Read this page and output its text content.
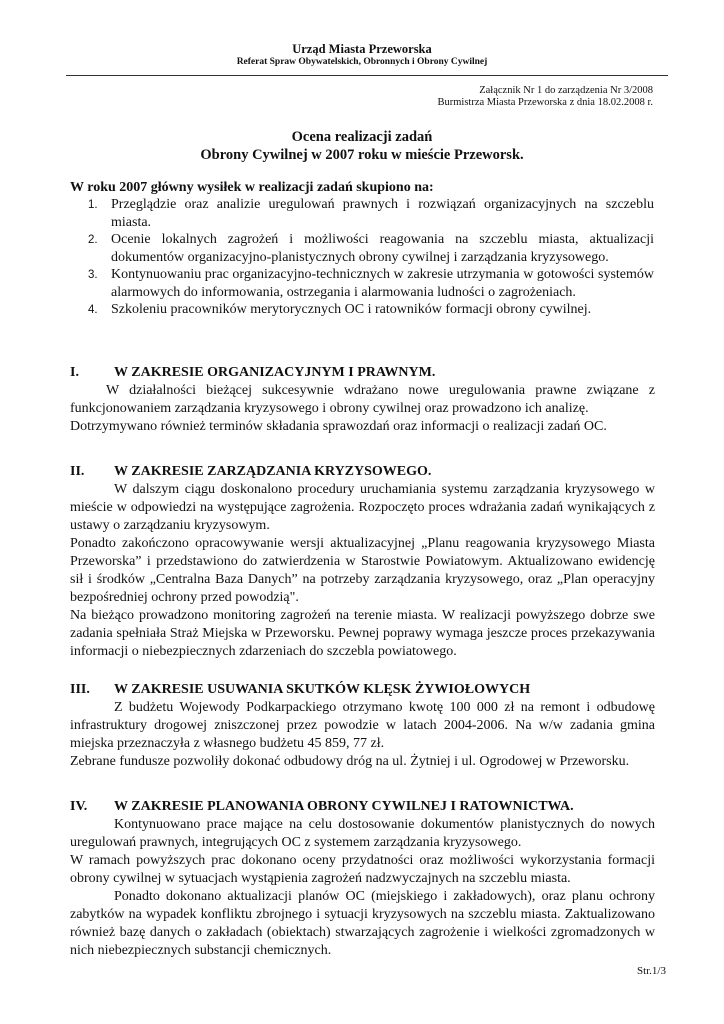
Urząd Miasta Przeworska
Referat Spraw Obywatelskich, Obronnych i Obrony Cywilnej
Załącznik Nr 1 do zarządzenia Nr 3/2008
Burmistrza Miasta Przeworska z dnia 18.02.2008 r.
Ocena realizacji zadań
Obrony Cywilnej w 2007 roku w mieście Przeworsk.
W roku 2007 główny wysiłek w realizacji zadań skupiono na:
1. Przeglądzie oraz analizie uregulowań prawnych i rozwiązań organizacyjnych na szczeblu miasta.
2. Ocenie lokalnych zagrożeń i możliwości reagowania na szczeblu miasta, aktualizacji dokumentów organizacyjno-planistycznych obrony cywilnej i zarządzania kryzysowego.
3. Kontynuowaniu prac organizacyjno-technicznych w zakresie utrzymania w gotowości systemów alarmowych do informowania, ostrzegania i alarmowania ludności o zagrożeniach.
4. Szkoleniu pracowników merytorycznych OC i ratowników formacji obrony cywilnej.
I.	W ZAKRESIE ORGANIZACYJNYM I PRAWNYM.

W działalności bieżącej sukcesywnie wdrażano nowe uregulowania prawne związane z funkcjonowaniem zarządzania kryzysowego i obrony cywilnej oraz prowadzono ich analizę.

Dotrzymywano również terminów składania sprawozdań oraz informacji o realizacji zadań OC.

II. W ZAKRESIE ZARZĄDZANIA KRYZYSOWEGO.

W dalszym ciągu doskonalono procedury uruchamiania systemu zarządzania kryzysowego w mieście w odpowiedzi na występujące zagrożenia. Rozpoczęto proces wdrażania zadań wynikających z ustawy o zarządzaniu kryzysowym.

Ponadto zakończono opracowywanie wersji aktualizacyjnej „Planu reagowania kryzysowego Miasta Przeworska” i przedstawiono do zatwierdzenia w Starostwie Powiatowym. Aktualizowano ewidencję sił i środków „Centralna Baza Danych” na potrzeby zarządzania kryzysowego, oraz „Plan operacyjny bezpośredniej ochrony przed powodzią".

Na bieżąco prowadzono monitoring zagrożeń na terenie miasta. W realizacji powyższego dobrze swe zadania spełniała Straż Miejska w Przeworsku. Pewnej poprawy wymaga jeszcze proces przekazywania informacji o niebezpiecznych zdarzeniach do szczebla powiatowego.

III. W ZAKRESIE USUWANIA SKUTKÓW KLĘSK ŻYWIOŁOWYCH

Z budżetu Wojewody Podkarpackiego otrzymano kwotę 100 000 zł na remont i odbudowę infrastruktury drogowej zniszczonej przez powodzie w latach 2004-2006. Na w/w zadania gmina miejska przeznaczyła z własnego budżetu 45 859, 77 zł.

Zebrane fundusze pozwoliły dokonać odbudowy dróg na ul. Żytniej i ul. Ogrodowej w Przeworsku.

IV. W ZAKRESIE PLANOWANIA OBRONY CYWILNEJ I RATOWNICTWA.

Kontynuowano prace mające na celu dostosowanie dokumentów planistycznych do nowych uregulowań prawnych, integrujących OC z systemem zarządzania kryzysowego.

W ramach powyższych prac dokonano oceny przydatności oraz możliwości wykorzystania formacji obrony cywilnej w sytuacjach wystąpienia zagrożeń nadzwyczajnych na szczeblu miasta.

Ponadto dokonano aktualizacji planów OC (miejskiego i zakładowych), oraz planu ochrony zabytków na wypadek konfliktu zbrojnego i sytuacji kryzysowych na szczeblu miasta. Zaktualizowano również bazę danych o zakładach (obiektach) stwarzających zagrożenie i wielkości zgromadzonych w nich niebezpiecznych substancji chemicznych.

Str.1/3
